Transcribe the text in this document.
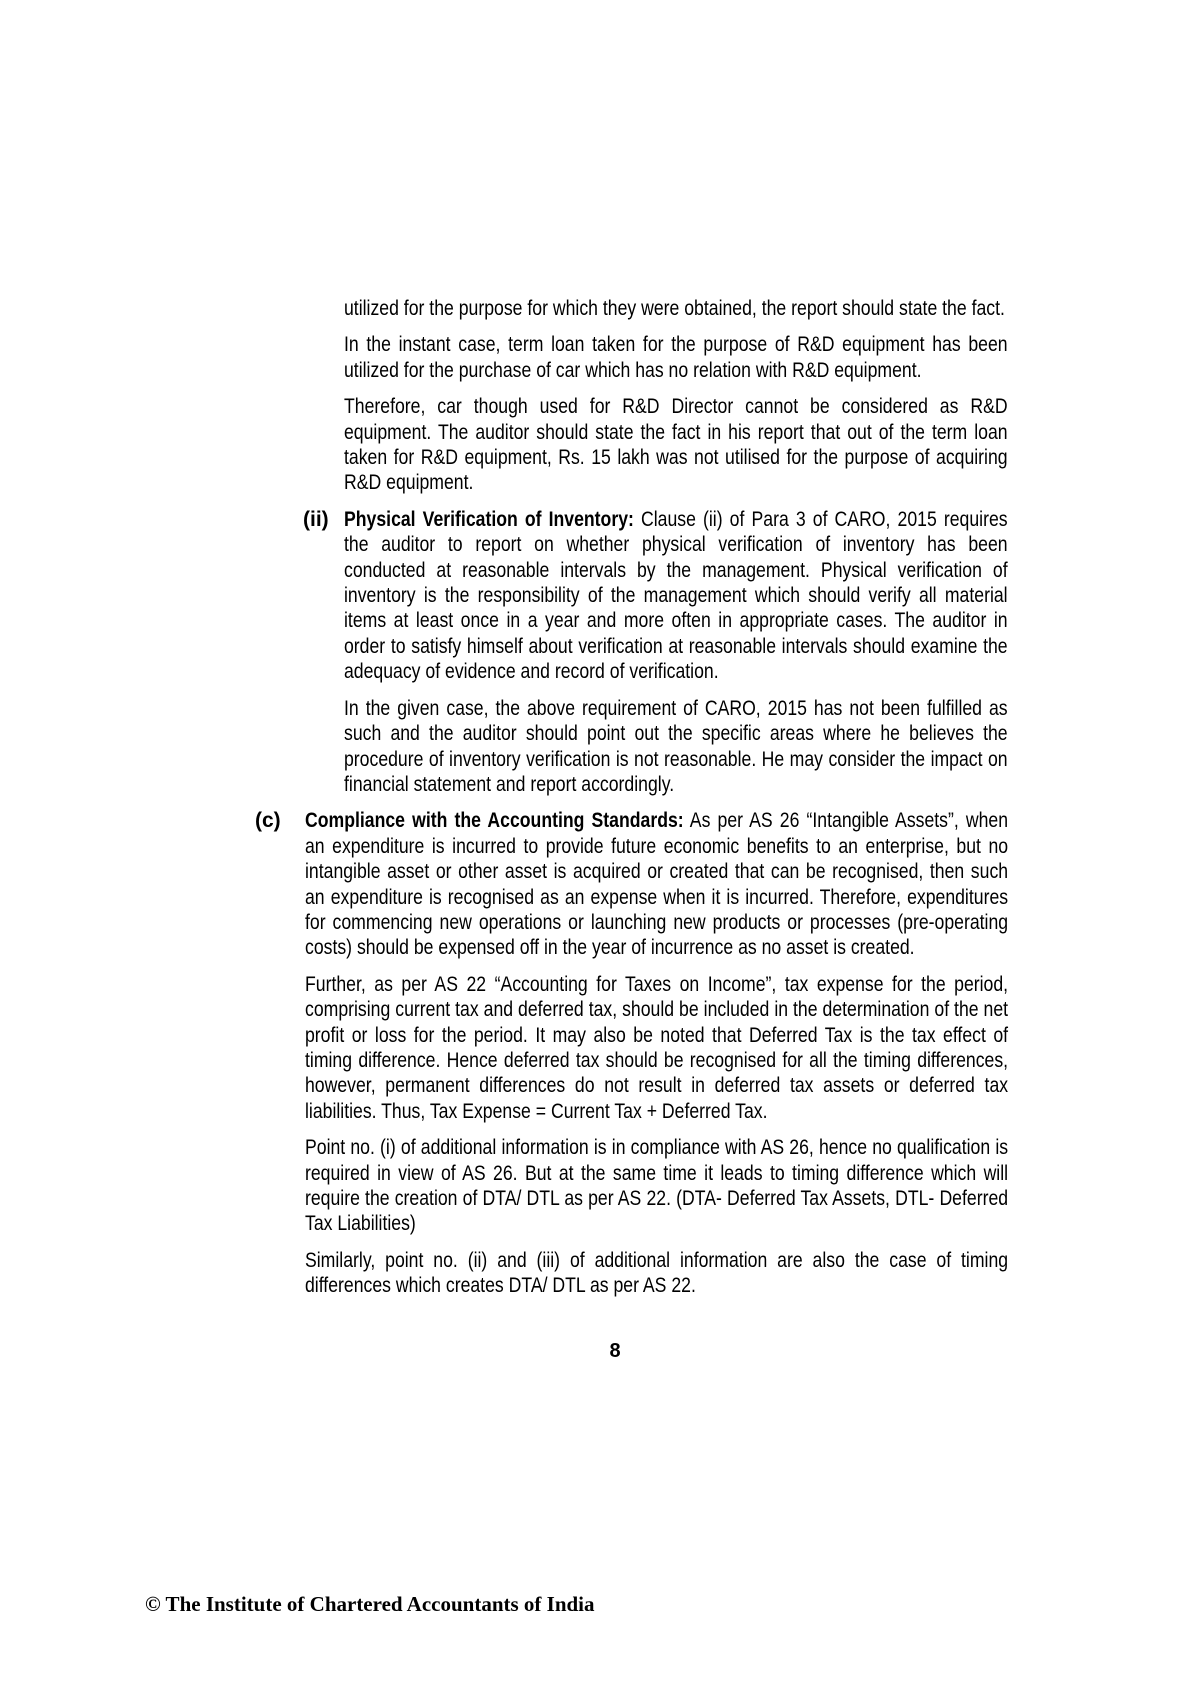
utilized for the purpose for which they were obtained, the report should state the fact.

In the instant case, term loan taken for the purpose of R&D equipment has been utilized for the purchase of car which has no relation with R&D equipment.

Therefore, car though used for R&D Director cannot be considered as R&D equipment. The auditor should state the fact in his report that out of the term loan taken for R&D equipment, Rs. 15 lakh was not utilised for the purpose of acquiring R&D equipment.

(ii) Physical Verification of Inventory: Clause (ii) of Para 3 of CARO, 2015 requires the auditor to report on whether physical verification of inventory has been conducted at reasonable intervals by the management. Physical verification of inventory is the responsibility of the management which should verify all material items at least once in a year and more often in appropriate cases. The auditor in order to satisfy himself about verification at reasonable intervals should examine the adequacy of evidence and record of verification.

In the given case, the above requirement of CARO, 2015 has not been fulfilled as such and the auditor should point out the specific areas where he believes the procedure of inventory verification is not reasonable. He may consider the impact on financial statement and report accordingly.

(c) Compliance with the Accounting Standards: As per AS 26 “Intangible Assets”, when an expenditure is incurred to provide future economic benefits to an enterprise, but no intangible asset or other asset is acquired or created that can be recognised, then such an expenditure is recognised as an expense when it is incurred. Therefore, expenditures for commencing new operations or launching new products or processes (pre-operating costs) should be expensed off in the year of incurrence as no asset is created.

Further, as per AS 22 “Accounting for Taxes on Income”, tax expense for the period, comprising current tax and deferred tax, should be included in the determination of the net profit or loss for the period. It may also be noted that Deferred Tax is the tax effect of timing difference. Hence deferred tax should be recognised for all the timing differences, however, permanent differences do not result in deferred tax assets or deferred tax liabilities. Thus, Tax Expense = Current Tax + Deferred Tax.

Point no. (i) of additional information is in compliance with AS 26, hence no qualification is required in view of AS 26. But at the same time it leads to timing difference which will require the creation of DTA/ DTL as per AS 22. (DTA- Deferred Tax Assets, DTL- Deferred Tax Liabilities)

Similarly, point no. (ii) and (iii) of additional information are also the case of timing differences which creates DTA/ DTL as per AS 22.

8
© The Institute of Chartered Accountants of India
